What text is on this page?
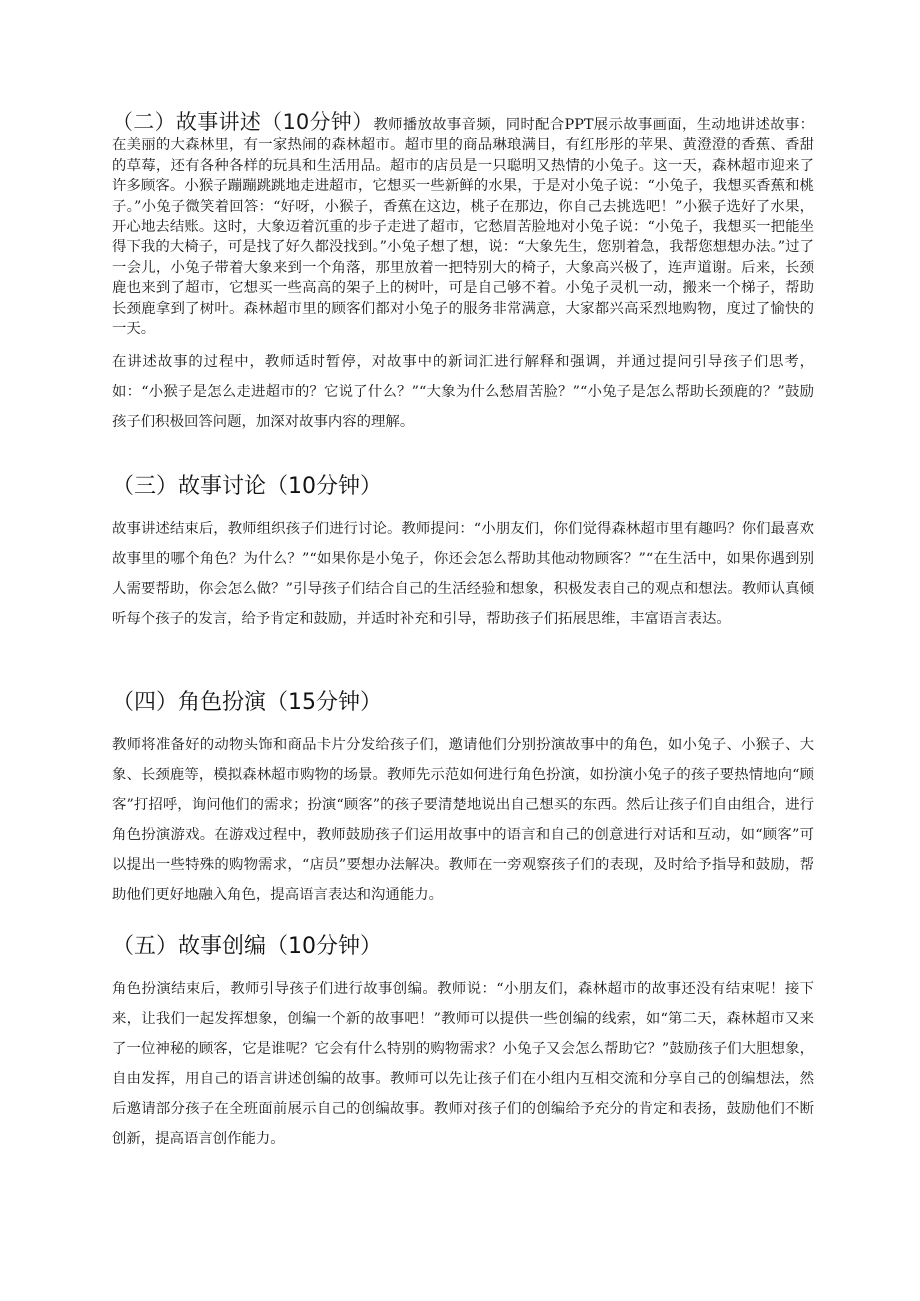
（二）故事讲述（10分钟）教师播放故事音频，同时配合PPT展示故事画面，生动地讲述故事：在美丽的大森林里，有一家热闹的森林超市。超市里的商品琳琅满目，有红彤彤的苹果、黄澄澄的香蕉、香甜的草莓，还有各种各样的玩具和生活用品。超市的店员是一只聪明又热情的小兔子。这一天，森林超市迎来了许多顾客。小猴子蹦蹦跳跳地走进超市，它想买一些新鲜的水果，于是对小兔子说：“小兔子，我想买香蕉和桃子。”小兔子微笑着回答：“好呀，小猴子，香蕉在这边，桃子在那边，你自己去挑选吧！”小猴子选好了水果，开心地去结账。这时，大象迈着沉重的步子走进了超市，它愁眉苦脸地对小兔子说：“小兔子，我想买一把能坐得下我的大椅子，可是找了好久都没找到。”小兔子想了想，说：“大象先生，您别着急，我帮您想想办法。”过了一会儿，小兔子带着大象来到一个角落，那里放着一把特别大的椅子，大象高兴极了，连声道谢。后来，长颈鹿也来到了超市，它想买一些高高的架子上的树叶，可是自己够不着。小兔子灵机一动，搬来一个梯子，帮助长颈鹿拿到了树叶。森林超市里的顾客们都对小兔子的服务非常满意，大家都兴高采烈地购物，度过了愉快的一天。

在讲述故事的过程中，教师适时暂停，对故事中的新词汇进行解释和强调，并通过提问引导孩子们思考，如：“小猴子是怎么走进超市的？它说了什么？”“大象为什么愁眉苦脸？”“小兔子是怎么帮助长颈鹿的？”鼓励孩子们积极回答问题，加深对故事内容的理解。

（三）故事讨论（10分钟）

故事讲述结束后，教师组织孩子们进行讨论。教师提问：“小朋友们，你们觉得森林超市里有趣吗？你们最喜欢故事里的哪个角色？为什么？”“如果你是小兔子，你还会怎么帮助其他动物顾客？”“在生活中，如果你遇到别人需要帮助，你会怎么做？”引导孩子们结合自己的生活经验和想象，积极发表自己的观点和想法。教师认真倾听每个孩子的发言，给予肯定和鼓励，并适时补充和引导，帮助孩子们拓展思维，丰富语言表达。

（四）角色扮演（15分钟）

教师将准备好的动物头饰和商品卡片分发给孩子们，邀请他们分别扮演故事中的角色，如小兔子、小猴子、大象、长颈鹿等，模拟森林超市购物的场景。教师先示范如何进行角色扮演，如扮演小兔子的孩子要热情地向“顾客”打招呼，询问他们的需求；扮演“顾客”的孩子要清楚地说出自己想买的东西。然后让孩子们自由组合，进行角色扮演游戏。在游戏过程中，教师鼓励孩子们运用故事中的语言和自己的创意进行对话和互动，如“顾客”可以提出一些特殊的购物需求，“店员”要想办法解决。教师在一旁观察孩子们的表现，及时给予指导和鼓励，帮助他们更好地融入角色，提高语言表达和沟通能力。

（五）故事创编（10分钟）

角色扮演结束后，教师引导孩子们进行故事创编。教师说：“小朋友们，森林超市的故事还没有结束呢！接下来，让我们一起发挥想象，创编一个新的故事吧！”教师可以提供一些创编的线索，如“第二天，森林超市又来了一位神秘的顾客，它是谁呢？它会有什么特别的购物需求？小兔子又会怎么帮助它？”鼓励孩子们大胆想象，自由发挥，用自己的语言讲述创编的故事。教师可以先让孩子们在小组内互相交流和分享自己的创编想法，然后邀请部分孩子在全班面前展示自己的创编故事。教师对孩子们的创编给予充分的肯定和表扬，鼓励他们不断创新，提高语言创作能力。
